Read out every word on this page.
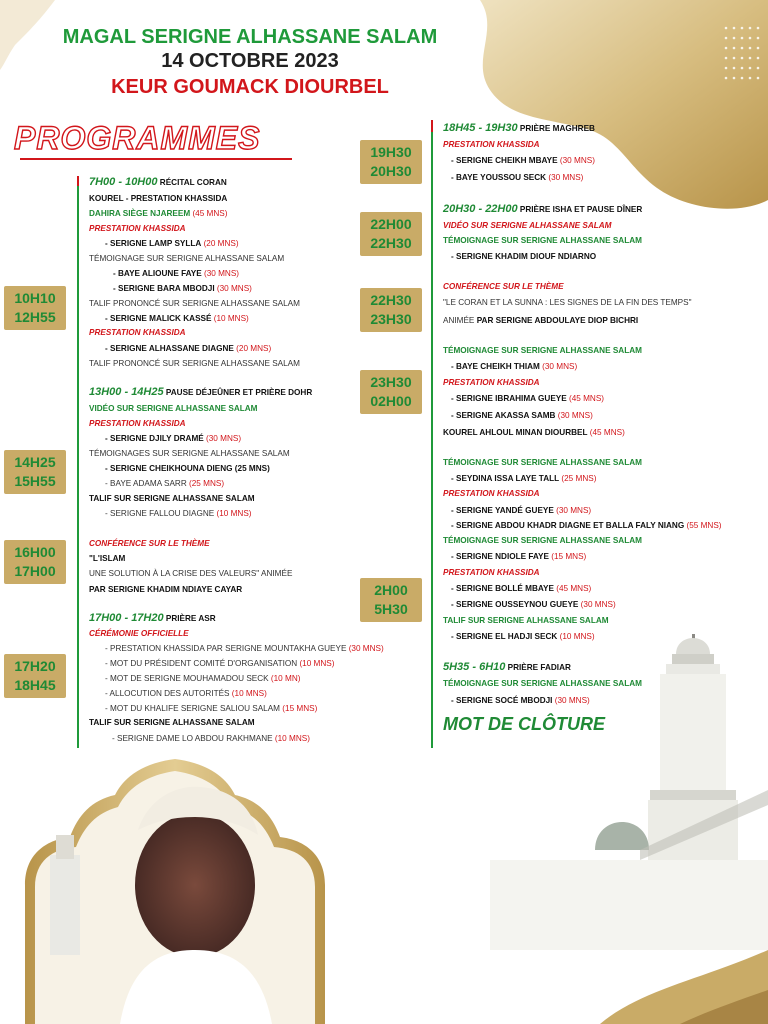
MAGAL SERIGNE ALHASSANE SALAM
14 OCTOBRE 2023
KEUR GOUMACK DIOURBEL
PROGRAMMES
10H10
12H55
14H25
15H55
16H00
17H00
17H20
18H45
19H30
20H30
22H00
22H30
22H30
23H30
23H30
02H00
2H00
5H30
7H00 - 10H00 RÉCITAL CORAN
KOUREL - PRESTATION KHASSIDA
DAHIRA SIÈGE NJAREEM (45 MNS)
PRESTATION KHASSIDA
- SERIGNE LAMP SYLLA (20 MNS)
TÉMOIGNAGE SUR SERIGNE ALHASSANE SALAM
- BAYE ALIOUNE FAYE (30 MNS)
- SERIGNE BARA MBODJI (30 MNS)
TALIF PRONONCÉ SUR SERIGNE ALHASSANE SALAM
- SERIGNE MALICK KASSÉ (10 MNS)
PRESTATION KHASSIDA
- SERIGNE ALHASSANE DIAGNE (20 MNS)
TALIF PRONONCÉ SUR SERIGNE ALHASSANE SALAM
13H00 - 14H25 PAUSE DÉJEÛNER ET PRIÈRE DOHR
VIDÉO SUR SERIGNE ALHASSANE SALAM
PRESTATION KHASSIDA
- SERIGNE DJILY DRAMÉ (30 MNS)
TÉMOIGNAGES SUR SERIGNE ALHASSANE SALAM
- SERIGNE CHEIKHOUNA DIENG (25 MNS)
- BAYE ADAMA SARR (25 MNS)
TALIF SUR SERIGNE ALHASSANE SALAM
- SERIGNE FALLOU DIAGNE (10 MNS)
CONFÉRENCE SUR LE THÈME
"L'ISLAM
UNE SOLUTION À LA CRISE DES VALEURS" ANIMÉE
PAR SERIGNE KHADIM NDIAYE CAYAR
17H00 - 17H20 PRIÈRE ASR
CÉRÉMONIE OFFICIELLE
- PRESTATION KHASSIDA PAR SERIGNE MOUNTAKHA GUEYE (30 MNS)
- MOT DU PRÉSIDENT COMITÉ D'ORGANISATION (10 MNS)
- MOT DE SERIGNE MOUHAMADOU SECK (10 MN)
- ALLOCUTION DES AUTORITÉS (10 MNS)
- MOT DU KHALIFE SERIGNE SALIOU SALAM (15 MNS)
TALIF SUR SERIGNE ALHASSANE SALAM
- SERIGNE DAME LO ABDOU RAKHMANE (10 MNS)
18H45 - 19H30 PRIÈRE MAGHREB
PRESTATION KHASSIDA
- SERIGNE CHEIKH MBAYE (30 MNS)
- BAYE YOUSSOU SECK (30 MNS)
20H30 - 22H00 PRIÈRE ISHA ET PAUSE DÎNER
VIDÉO SUR SERIGNE ALHASSANE SALAM
TÉMOIGNAGE SUR SERIGNE ALHASSANE SALAM
- SERIGNE KHADIM DIOUF NDIARNO
CONFÉRENCE SUR LE THÈME
"LE CORAN ET LA SUNNA : LES SIGNES DE LA FIN DES TEMPS"
ANIMÉE PAR SERIGNE ABDOULAYE DIOP BICHRI
TÉMOIGNAGE SUR SERIGNE ALHASSANE SALAM
- BAYE CHEIKH THIAM (30 MNS)
PRESTATION KHASSIDA
- SERIGNE IBRAHIMA GUEYE (45 MNS)
- SERIGNE AKASSA SAMB (30 MNS)
KOUREL AHLOUL MINAN DIOURBEL (45 MNS)
TÉMOIGNAGE SUR SERIGNE ALHASSANE SALAM
- SEYDINA ISSA LAYE TALL (25 MNS)
PRESTATION KHASSIDA
- SERIGNE YANDÉ GUEYE (30 MNS)
- SERIGNE ABDOU KHADR DIAGNE ET BALLA FALY NIANG (55 MNS)
TÉMOIGNAGE SUR SERIGNE ALHASSANE SALAM
- SERIGNE NDIOLE FAYE (15 MNS)
PRESTATION KHASSIDA
- SERIGNE BOLLÉ MBAYE (45 MNS)
- SERIGNE OUSSEYNOU GUEYE (30 MNS)
TALIF SUR SERIGNE ALHASSANE SALAM
- SERIGNE EL HADJI SECK (10 MNS)
5H35 - 6H10 PRIÈRE FADIAR
TÉMOIGNAGE SUR SERIGNE ALHASSANE SALAM
- SERIGNE SOCÉ MBODJI (30 MNS)
MOT DE CLÔTURE
